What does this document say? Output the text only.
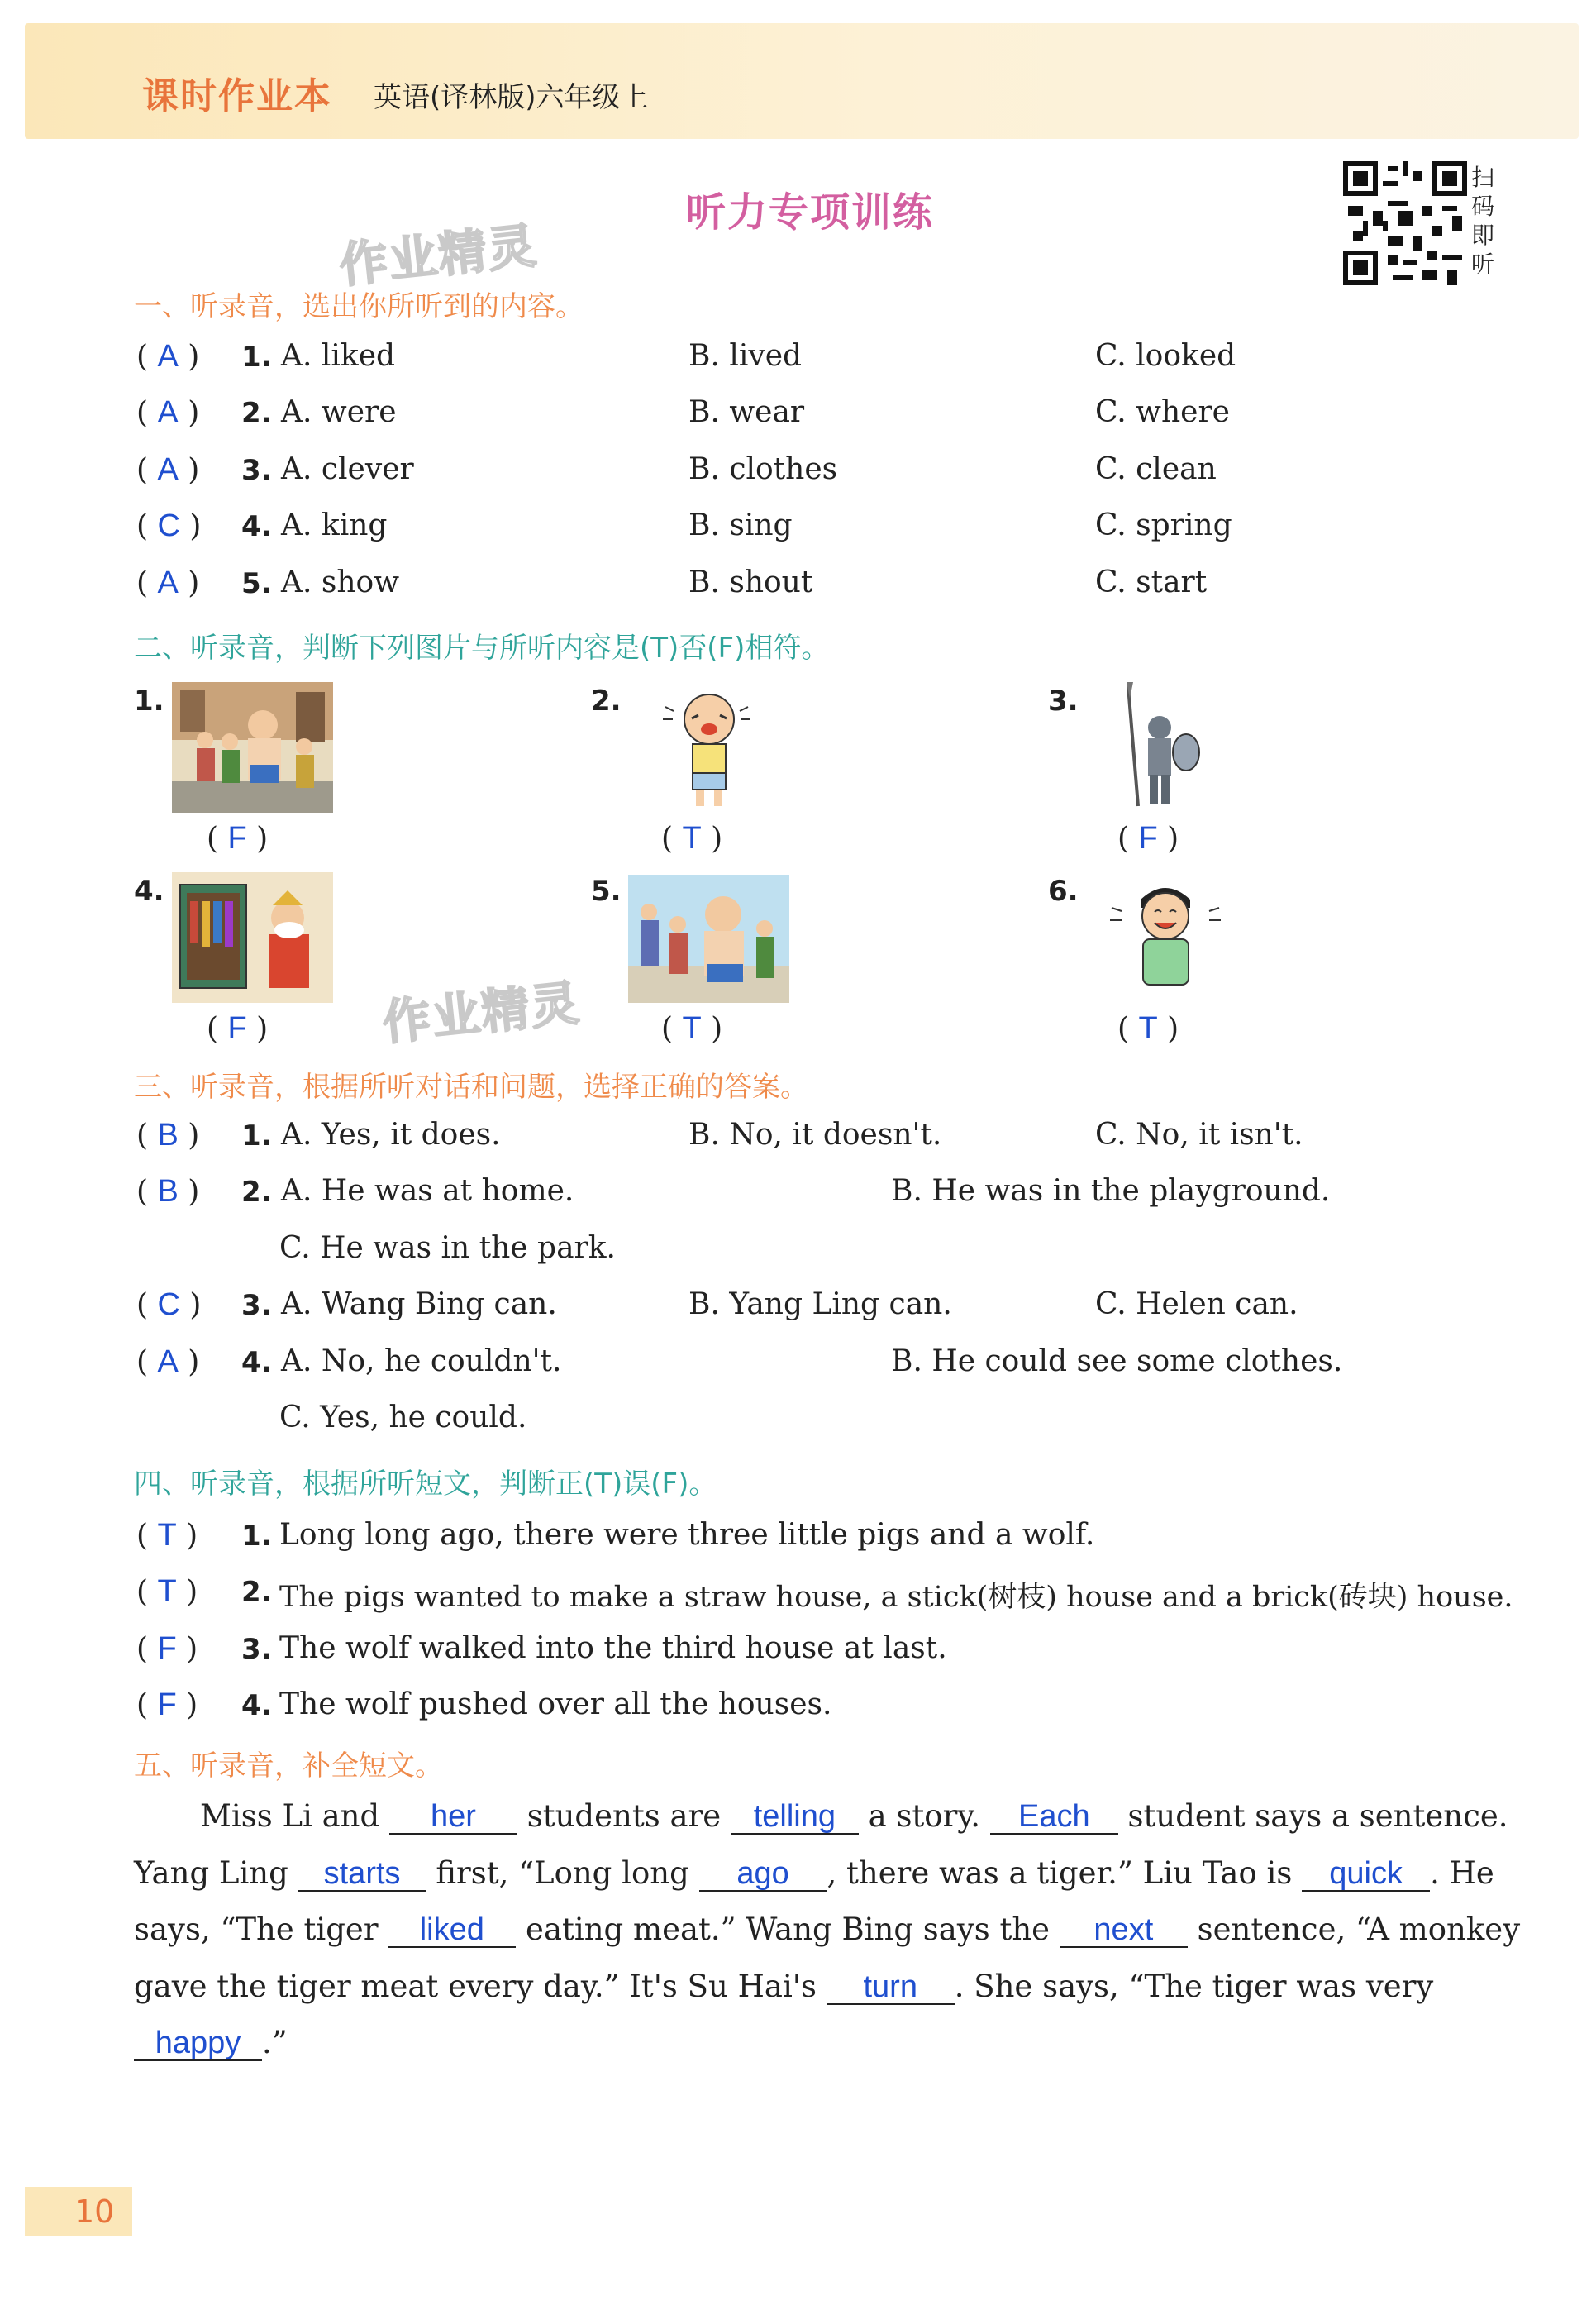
课时作业本 英语(译林版)六年级上
听力专项训练
扫码即听
作业精灵
作业精灵
一、听录音，选出你所听到的内容。
( A ) 1. A. liked	B. lived	C. looked
( A ) 2. A. were	B. wear	C. where
( A ) 3. A. clever	B. clothes	C. clean
( C ) 4. A. king	B. sing	C. spring
( A ) 5. A. show	B. shout	C. start
二、听录音，判断下列图片与所听内容是(T)否(F)相符。
1.
( F )
2.
( T )
3.
( F )
4.
( F )
5.
( T )
6.
( T )
三、听录音，根据所听对话和问题，选择正确的答案。
( B ) 1. A. Yes, it does.	B. No, it doesn't.	C. No, it isn't.
( B ) 2. A. He was at home.	B. He was in the playground.
C. He was in the park.
( C ) 3. A. Wang Bing can.	B. Yang Ling can.	C. Helen can.
( A ) 4. A. No, he couldn't.	B. He could see some clothes.
C. Yes, he could.
四、听录音，根据所听短文，判断正(T)误(F)。
( T ) 1. Long long ago, there were three little pigs and a wolf.
( T ) 2. The pigs wanted to make a straw house, a stick(树枝) house and a brick(砖块) house.
( F ) 3. The wolf walked into the third house at last.
( F ) 4. The wolf pushed over all the houses.
五、听录音，补全短文。
Miss Li and her students are telling a story. Each student says a sentence.
Yang Ling starts first, “Long long ago , there was a tiger.” Liu Tao is quick . He
says, “The tiger liked eating meat.” Wang Bing says the next sentence, “A monkey
gave the tiger meat every day.” It's Su Hai's turn . She says, “The tiger was very
happy .”
10
